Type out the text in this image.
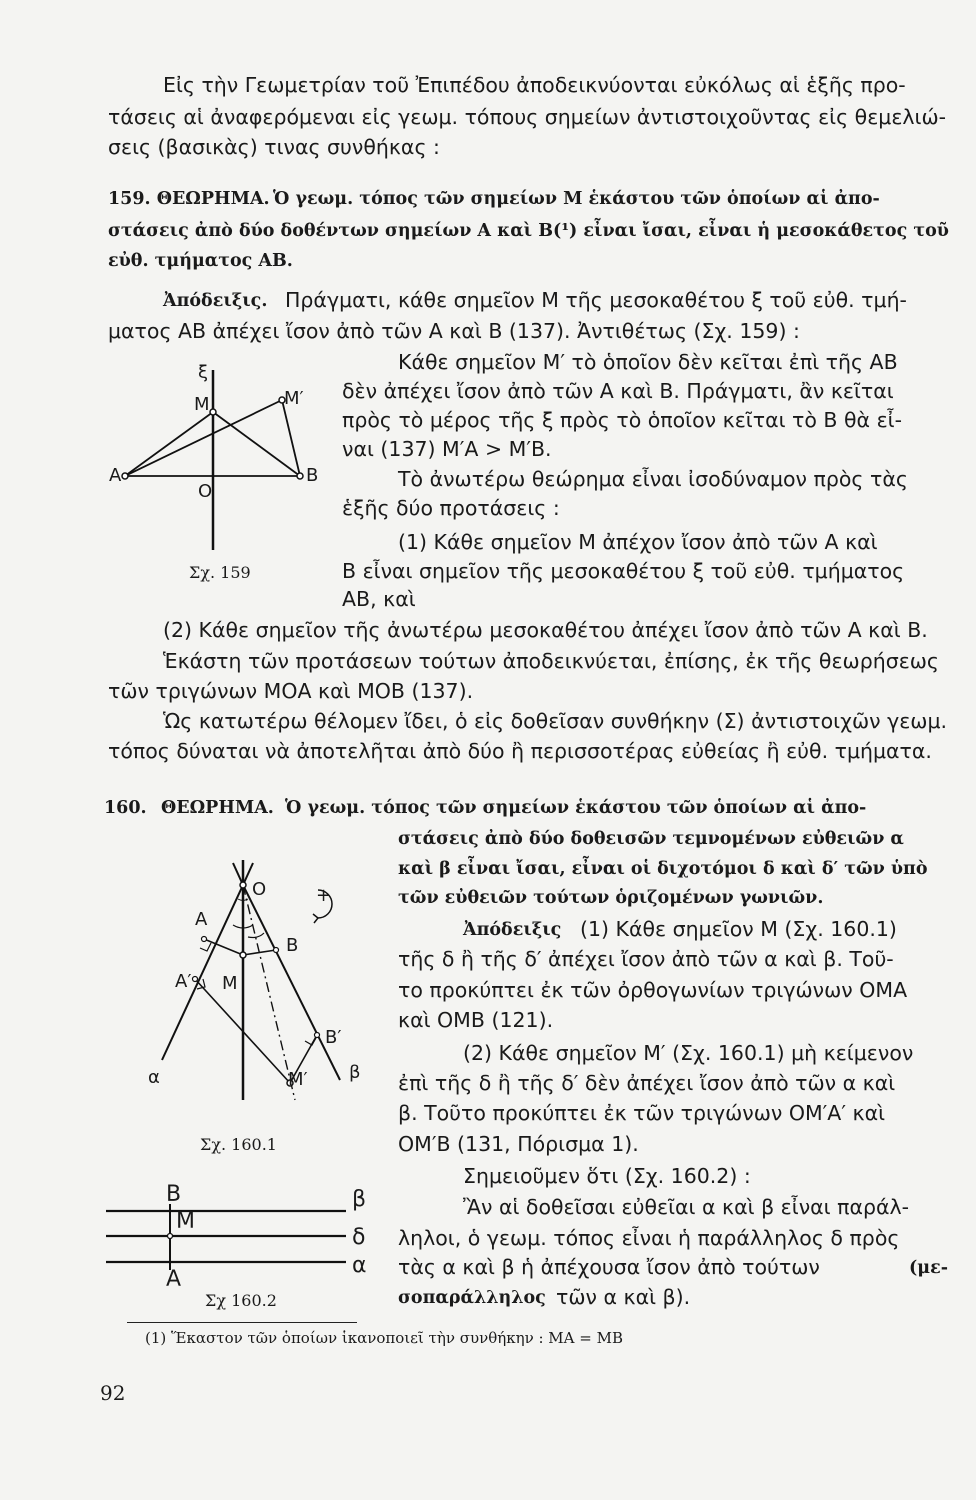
Εἰς τὴν Γεωμετρίαν τοῦ Ἐπιπέδου ἀποδεικνύονται εὐκόλως αἱ ἑξῆς προ-
τάσεις αἱ ἀναφερόμεναι εἰς γεωμ. τόπους σημείων ἀντιστοιχοῦντας εἰς θεμελιώ-
σεις (βασικὰς) τινας συνθήκας :
159. ΘΕΩΡΗΜΑ. Ὁ γεωμ. τόπος τῶν σημείων Μ ἑκάστου τῶν ὁποίων αἱ ἀπο-
στάσεις ἀπὸ δύο δοθέντων σημείων Α καὶ Β(¹) εἶναι ἴσαι, εἶναι ἡ μεσοκάθετος τοῦ
εὐθ. τμήματος ΑΒ.
Ἀπόδειξις. Πράγματι, κάθε σημεῖον Μ τῆς μεσοκαθέτου ξ τοῦ εὐθ. τμή-
ματος ΑΒ ἀπέχει ἴσον ἀπὸ τῶν Α καὶ Β (137). Ἀντιθέτως (Σχ. 159) :
Κάθε σημεῖον Μ′ τὸ ὁποῖον δὲν κεῖται ἐπὶ τῆς ΑΒ
δὲν ἀπέχει ἴσον ἀπὸ τῶν Α καὶ Β. Πράγματι, ἂν κεῖται
πρὸς τὸ μέρος τῆς ξ πρὸς τὸ ὁποῖον κεῖται τὸ Β θὰ εἶ-
ναι (137) Μ′Α > Μ′Β.
Τὸ ἀνωτέρω θεώρημα εἶναι ἰσοδύναμον πρὸς τὰς
ἑξῆς δύο προτάσεις :
(1) Κάθε σημεῖον Μ ἀπέχον ἴσον ἀπὸ τῶν Α καὶ
Β εἶναι σημεῖον τῆς μεσοκαθέτου ξ τοῦ εὐθ. τμήματος
ΑΒ, καὶ
(2) Κάθε σημεῖον τῆς ἀνωτέρω μεσοκαθέτου ἀπέχει ἴσον ἀπὸ τῶν Α καὶ Β.
Ἑκάστη τῶν προτάσεων τούτων ἀποδεικνύεται, ἐπίσης, ἐκ τῆς θεωρήσεως
τῶν τριγώνων ΜΟΑ καὶ ΜΟΒ (137).
Ὡς κατωτέρω θέλομεν ἴδει, ὁ εἰς δοθεῖσαν συνθήκην (Σ) ἀντιστοιχῶν γεωμ.
τόπος δύναται νὰ ἀποτελῆται ἀπὸ δύο ἢ περισσοτέρας εὐθείας ἢ εὐθ. τμήματα.
ξ
Μ	Μ′
Α	Β
Ο
Σχ. 159
160. ΘΕΩΡΗΜΑ. Ὁ γεωμ. τόπος τῶν σημείων ἑκάστου τῶν ὁποίων αἱ ἀπο-
στάσεις ἀπὸ δύο δοθεισῶν τεμνομένων εὐθειῶν α
καὶ β εἶναι ἴσαι, εἶναι οἱ διχοτόμοι δ καὶ δ′ τῶν ὑπὸ
τῶν εὐθειῶν τούτων ὁριζομένων γωνιῶν.
Ἀπόδειξις (1) Κάθε σημεῖον Μ (Σχ. 160.1)
τῆς δ ἢ τῆς δ′ ἀπέχει ἴσον ἀπὸ τῶν α καὶ β. Τοῦ-
το προκύπτει ἐκ τῶν ὀρθογωνίων τριγώνων ΟΜΑ
καὶ ΟΜΒ (121).
(2) Κάθε σημεῖον Μ′ (Σχ. 160.1) μὴ κείμενον
ἐπὶ τῆς δ ἢ τῆς δ′ δὲν ἀπέχει ἴσον ἀπὸ τῶν α καὶ
β. Τοῦτο προκύπτει ἐκ τῶν τριγώνων ΟΜ′Α′ καὶ
ΟΜ′Β (131, Πόρισμα 1).
Σημειοῦμεν ὅτι (Σχ. 160.2) :
Ἂν αἱ δοθεῖσαι εὐθεῖαι α καὶ β εἶναι παράλ-
ληλοι, ὁ γεωμ. τόπος εἶναι ἡ παράλληλος δ πρὸς
τὰς α καὶ β ἡ ἀπέχουσα ἴσον ἀπὸ τούτων	(με-
σοπαράλληλος τῶν α καὶ β).
Ο	+
Α
Β
Α′ Μ
Β′
α	Μ′ β
Σχ. 160.1
Β	β
Μ
δ
Α
α
Σχ 160.2
(1) Ἕκαστον τῶν ὁποίων ἱκανοποιεῖ τὴν συνθήκην : ΜΑ = ΜΒ
92
